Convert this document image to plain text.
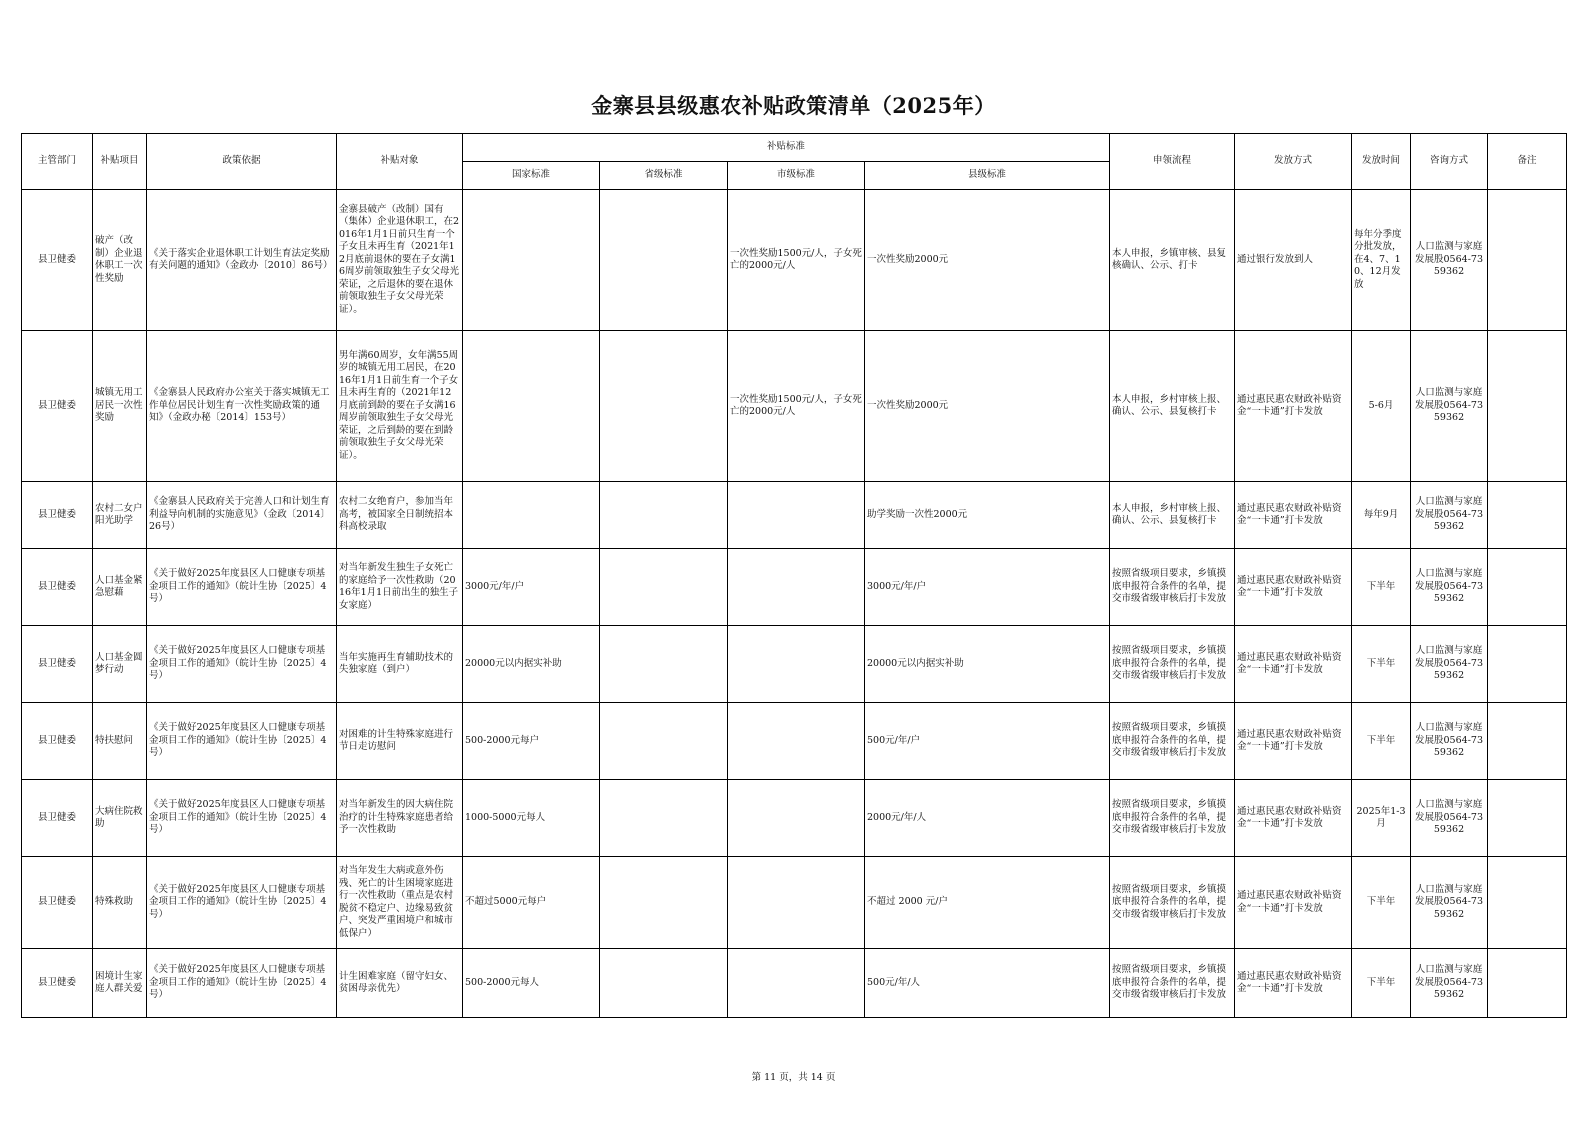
金寨县县级惠农补贴政策清单（2025年）
主管部门	补贴项目	政策依据	补贴对象	补贴标准				申领流程	发放方式	发放时间	咨询方式	备注
				国家标准	省级标准	市级标准	县级标准					
县卫健委	破产（改制）企业退休职工一次性奖励	《关于落实企业退休职工计划生育法定奖励有关问题的通知》（金政办〔2010〕86号）	金寨县破产（改制）国有（集体）企业退休职工，在2016年1月1日前只生育一个子女且未再生育（2021年12月底前退休的要在子女满16周岁前领取独生子女父母光荣证，之后退休的要在退休前领取独生子女父母光荣证）。			一次性奖励1500元/人，子女死亡的2000元/人	一次性奖励2000元	本人申报，乡镇审核、县复核确认、公示、打卡	通过银行发放到人	每年分季度分批发放，在4、7、10、12月发放	人口监测与家庭发展股0564-7359362	
县卫健委	城镇无用工居民一次性奖励	《金寨县人民政府办公室关于落实城镇无工作单位居民计划生育一次性奖励政策的通知》（金政办秘〔2014〕153号）	男年满60周岁，女年满55周岁的城镇无用工居民，在2016年1月1日前生育一个子女且未再生育的（2021年12月底前到龄的要在子女满16周岁前领取独生子女父母光荣证，之后到龄的要在到龄前领取独生子女父母光荣证）。			一次性奖励1500元/人，子女死亡的2000元/人	一次性奖励2000元	本人申报，乡村审核上报、确认、公示、县复核打卡	通过惠民惠农财政补贴资金“一卡通”打卡发放	5-6月	人口监测与家庭发展股0564-7359362	
县卫健委	农村二女户阳光助学	《金寨县人民政府关于完善人口和计划生育利益导向机制的实施意见》（金政〔2014〕26号）	农村二女绝育户，参加当年高考，被国家全日制统招本科高校录取				助学奖励一次性2000元	本人申报，乡村审核上报、确认、公示、县复核打卡	通过惠民惠农财政补贴资金“一卡通”打卡发放	每年9月	人口监测与家庭发展股0564-7359362	
县卫健委	人口基金紧急慰藉	《关于做好2025年度县区人口健康专项基金项目工作的通知》（皖计生协〔2025〕4号）	对当年新发生独生子女死亡的家庭给予一次性救助（2016年1月1日前出生的独生子女家庭）	3000元/年/户			3000元/年/户	按照省级项目要求，乡镇摸底申报符合条件的名单，提交市级省级审核后打卡发放	通过惠民惠农财政补贴资金“一卡通”打卡发放	下半年	人口监测与家庭发展股0564-7359362	
县卫健委	人口基金圆梦行动	《关于做好2025年度县区人口健康专项基金项目工作的通知》（皖计生协〔2025〕4号）	当年实施再生育辅助技术的失独家庭（到户）	20000元以内据实补助			20000元以内据实补助	按照省级项目要求，乡镇摸底申报符合条件的名单，提交市级省级审核后打卡发放	通过惠民惠农财政补贴资金“一卡通”打卡发放	下半年	人口监测与家庭发展股0564-7359362	
县卫健委	特扶慰问	《关于做好2025年度县区人口健康专项基金项目工作的通知》（皖计生协〔2025〕4号）	对困难的计生特殊家庭进行节日走访慰问	500-2000元每户			500元/年/户	按照省级项目要求，乡镇摸底申报符合条件的名单，提交市级省级审核后打卡发放	通过惠民惠农财政补贴资金“一卡通”打卡发放	下半年	人口监测与家庭发展股0564-7359362	
县卫健委	大病住院救助	《关于做好2025年度县区人口健康专项基金项目工作的通知》（皖计生协〔2025〕4号）	对当年新发生的因大病住院治疗的计生特殊家庭患者给予一次性救助	1000-5000元每人			2000元/年/人	按照省级项目要求，乡镇摸底申报符合条件的名单，提交市级省级审核后打卡发放	通过惠民惠农财政补贴资金“一卡通”打卡发放	2025年1-3月	人口监测与家庭发展股0564-7359362	
县卫健委	特殊救助	《关于做好2025年度县区人口健康专项基金项目工作的通知》（皖计生协〔2025〕4号）	对当年发生大病或意外伤残、死亡的计生困境家庭进行一次性救助（重点是农村脱贫不稳定户、边缘易致贫户、突发严重困境户和城市低保户）	不超过5000元每户			不超过 2000 元/户	按照省级项目要求，乡镇摸底申报符合条件的名单，提交市级省级审核后打卡发放	通过惠民惠农财政补贴资金“一卡通”打卡发放	下半年	人口监测与家庭发展股0564-7359362	
县卫健委	困境计生家庭人群关爱	《关于做好2025年度县区人口健康专项基金项目工作的通知》（皖计生协〔2025〕4号）	计生困难家庭（留守妇女、贫困母亲优先）	500-2000元每人			500元/年/人	按照省级项目要求，乡镇摸底申报符合条件的名单，提交市级省级审核后打卡发放	通过惠民惠农财政补贴资金“一卡通”打卡发放	下半年	人口监测与家庭发展股0564-7359362	
第 11 页，共 14 页
